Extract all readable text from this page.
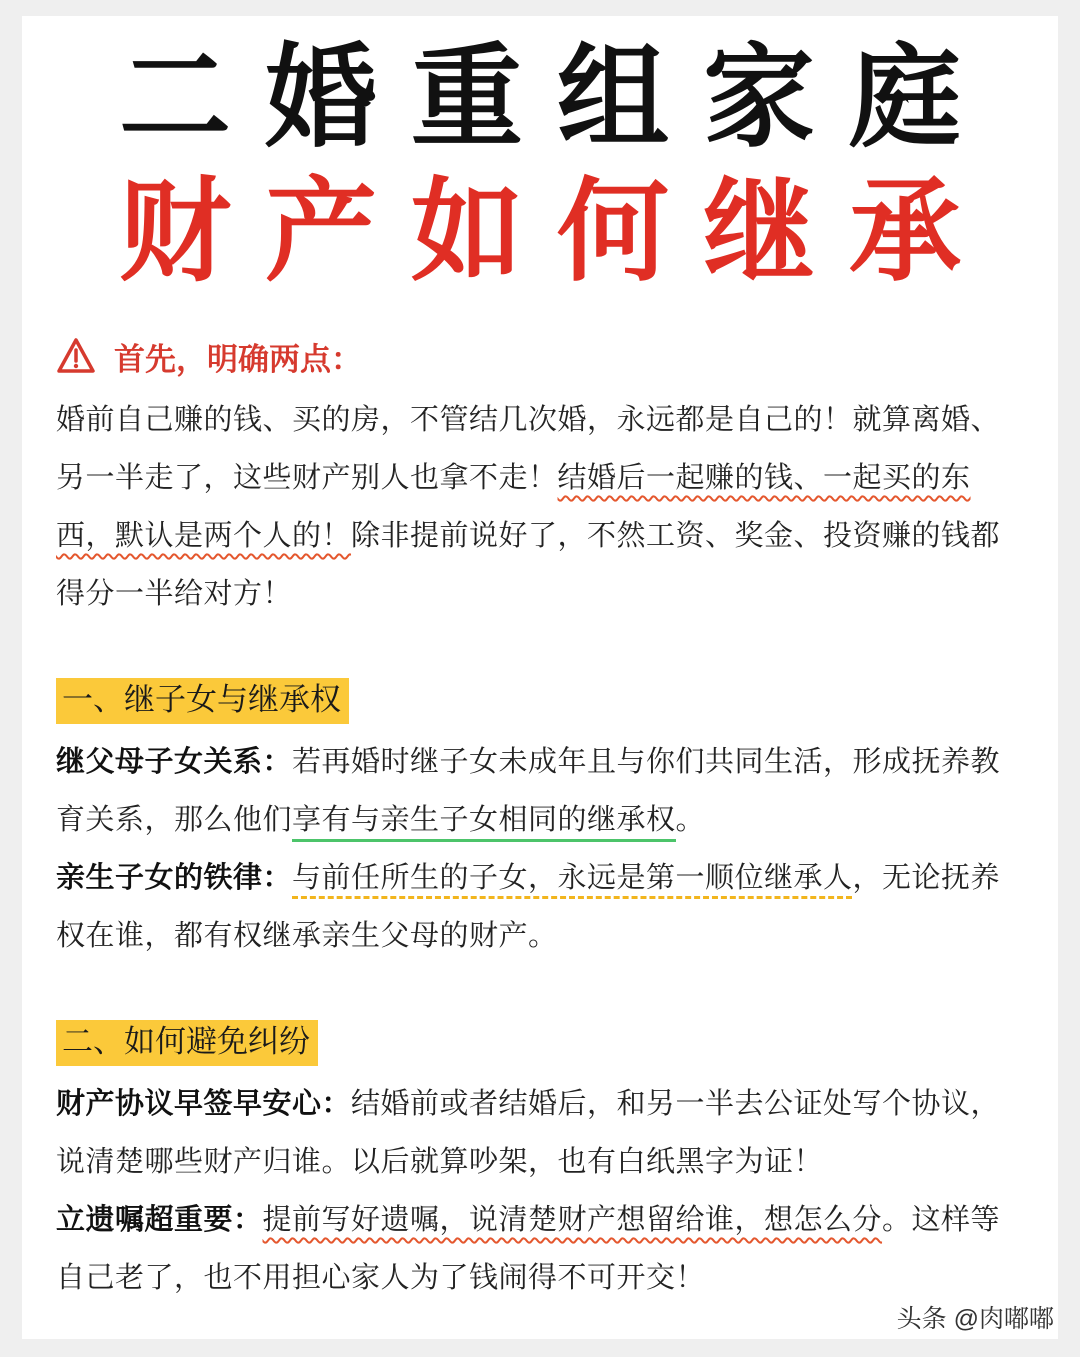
二婚重组家庭
财产如何继承
首先，明确两点：

婚前自己赚的钱、买的房，不管结几次婚，永远都是自己的！就算离婚、另一半走了，这些财产别人也拿不走！结婚后一起赚的钱、一起买的东西，默认是两个人的！除非提前说好了，不然工资、奖金、投资赚的钱都得分一半给对方！

一、继子女与继承权

继父母子女关系：若再婚时继子女未成年且与你们共同生活，形成抚养教育关系，那么他们享有与亲生子女相同的继承权。

亲生子女的铁律：与前任所生的子女，永远是第一顺位继承人，无论抚养权在谁，都有权继承亲生父母的财产。

二、如何避免纠纷

财产协议早签早安心：结婚前或者结婚后，和另一半去公证处写个协议，说清楚哪些财产归谁。以后就算吵架，也有白纸黑字为证！

立遗嘱超重要：提前写好遗嘱，说清楚财产想留给谁，想怎么分。这样等自己老了，也不用担心家人为了钱闹得不可开交！

头条 @肉嘟嘟
